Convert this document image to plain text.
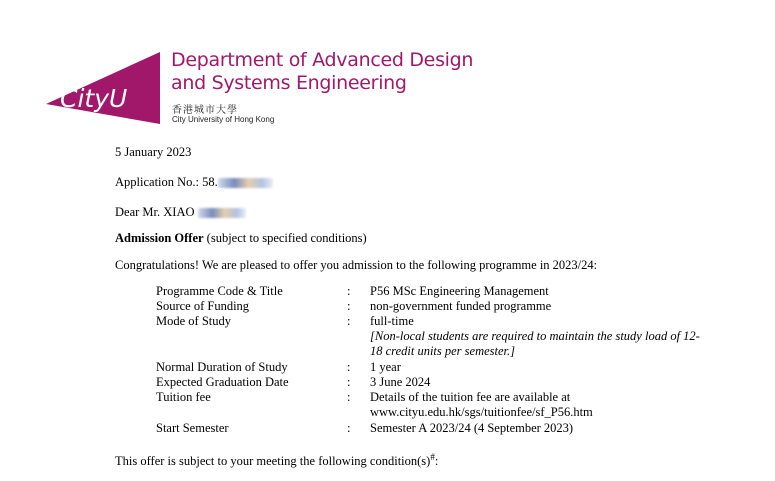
CityU
Department of Advanced Design
and Systems Engineering
香港城市大學
City University of Hong Kong
5 January 2023
Application No.: 58.
Dear Mr. XIAO
Admission Offer (subject to specified conditions)
Congratulations! We are pleased to offer you admission to the following programme in 2023/24:
Programme Code & Title	: P56 MSc Engineering Management
Source of Funding	: non-government funded programme
Mode of Study	: full-time
[Non-local students are required to maintain the study load of 12-
18 credit units per semester.]
Normal Duration of Study	: 1 year
Expected Graduation Date	: 3 June 2024
Tuition fee	: Details of the tuition fee are available at
www.cityu.edu.hk/sgs/tuitionfee/sf_P56.htm
Start Semester	: Semester A 2023/24 (4 September 2023)
This offer is subject to your meeting the following condition(s)#:
